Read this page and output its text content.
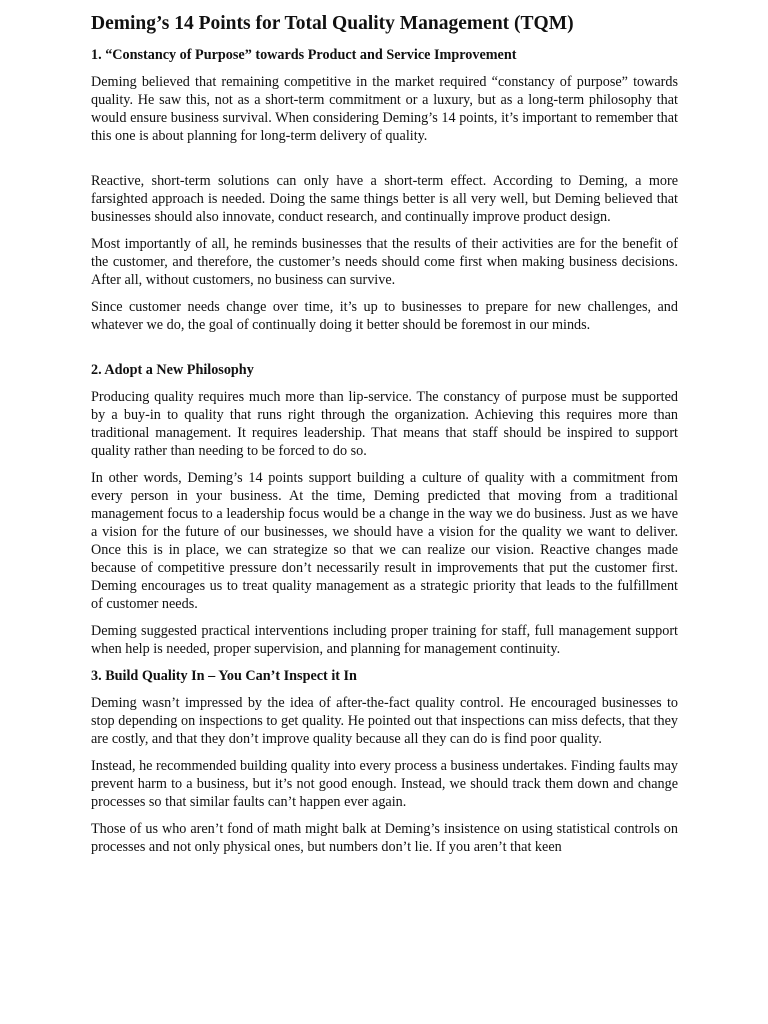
Deming’s 14 Points for Total Quality Management (TQM)
1. “Constancy of Purpose” towards Product and Service Improvement

Deming believed that remaining competitive in the market required “constancy of purpose” towards quality. He saw this, not as a short-term commitment or a luxury, but as a long-term philosophy that would ensure business survival. When considering Deming’s 14 points, it’s important to remember that this one is about planning for long-term delivery of quality.

Reactive, short-term solutions can only have a short-term effect. According to Deming, a more farsighted approach is needed. Doing the same things better is all very well, but Deming believed that businesses should also innovate, conduct research, and continually improve product design.

Most importantly of all, he reminds businesses that the results of their activities are for the benefit of the customer, and therefore, the customer’s needs should come first when making business decisions. After all, without customers, no business can survive.

Since customer needs change over time, it’s up to businesses to prepare for new challenges, and whatever we do, the goal of continually doing it better should be foremost in our minds.

2. Adopt a New Philosophy

Producing quality requires much more than lip-service. The constancy of purpose must be supported by a buy-in to quality that runs right through the organization. Achieving this requires more than traditional management. It requires leadership. That means that staff should be inspired to support quality rather than needing to be forced to do so.

In other words, Deming’s 14 points support building a culture of quality with a commitment from every person in your business. At the time, Deming predicted that moving from a traditional management focus to a leadership focus would be a change in the way we do business. Just as we have a vision for the future of our businesses, we should have a vision for the quality we want to deliver. Once this is in place, we can strategize so that we can realize our vision. Reactive changes made because of competitive pressure don’t necessarily result in improvements that put the customer first. Deming encourages us to treat quality management as a strategic priority that leads to the fulfillment of customer needs.

Deming suggested practical interventions including proper training for staff, full management support when help is needed, proper supervision, and planning for management continuity.

3. Build Quality In – You Can’t Inspect it In

Deming wasn’t impressed by the idea of after-the-fact quality control. He encouraged businesses to stop depending on inspections to get quality. He pointed out that inspections can miss defects, that they are costly, and that they don’t improve quality because all they can do is find poor quality.

Instead, he recommended building quality into every process a business undertakes. Finding faults may prevent harm to a business, but it’s not good enough. Instead, we should track them down and change processes so that similar faults can’t happen ever again.

Those of us who aren’t fond of math might balk at Deming’s insistence on using statistical controls on processes and not only physical ones, but numbers don’t lie. If you aren’t that keen
